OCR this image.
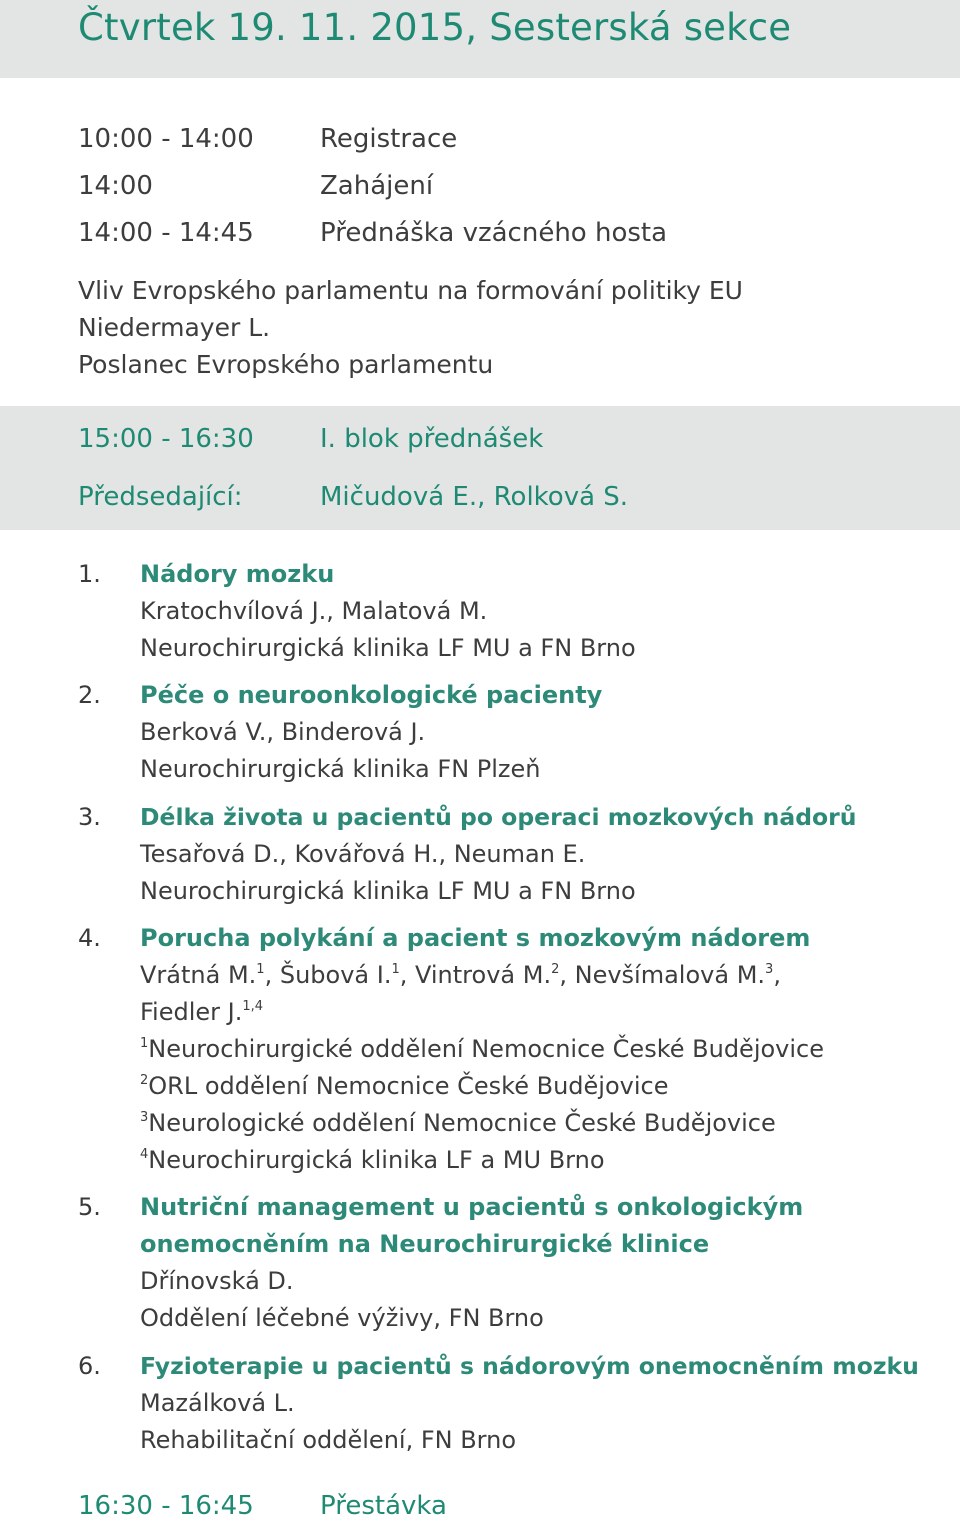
Čtvrtek 19. 11. 2015, Sesterská sekce
10:00 - 14:00	Registrace
14:00	Zahájení
14:00 - 14:45	Přednáška vzácného hosta
Vliv Evropského parlamentu na formování politiky EU
Niedermayer L.
Poslanec Evropského parlamentu
15:00 - 16:30	I. blok přednášek
Předsedající:	Mičudová E., Rolková S.
1. Nádory mozku
Kratochvílová J., Malatová M.
Neurochirurgická klinika LF MU a FN Brno
2. Péče o neuroonkologické pacienty
Berková V., Binderová J.
Neurochirurgická klinika FN Plzeň
3. Délka života u pacientů po operaci mozkových nádorů
Tesařová D., Kovářová H., Neuman E.
Neurochirurgická klinika LF MU a FN Brno
4. Porucha polykání a pacient s mozkovým nádorem
Vrátná M.$^1$, Šubová I.$^1$, Vintrová M.$^2$, Nevšímalová M.$^3$,
Fiedler J.$^{1,4}$
$^1$Neurochirurgické oddělení Nemocnice České Budějovice
$^2$ORL oddělení Nemocnice České Budějovice
$^3$Neurologické oddělení Nemocnice České Budějovice
$^4$Neurochirurgická klinika LF a MU Brno
5. Nutriční management u pacientů s onkologickým
onemocněním na Neurochirurgické klinice
Dřínovská D.
Oddělení léčebné výživy, FN Brno
6. Fyzioterapie u pacientů s nádorovým onemocněním mozku
Mazálková L.
Rehabilitační oddělení, FN Brno
16:30 - 16:45	Přestávka
